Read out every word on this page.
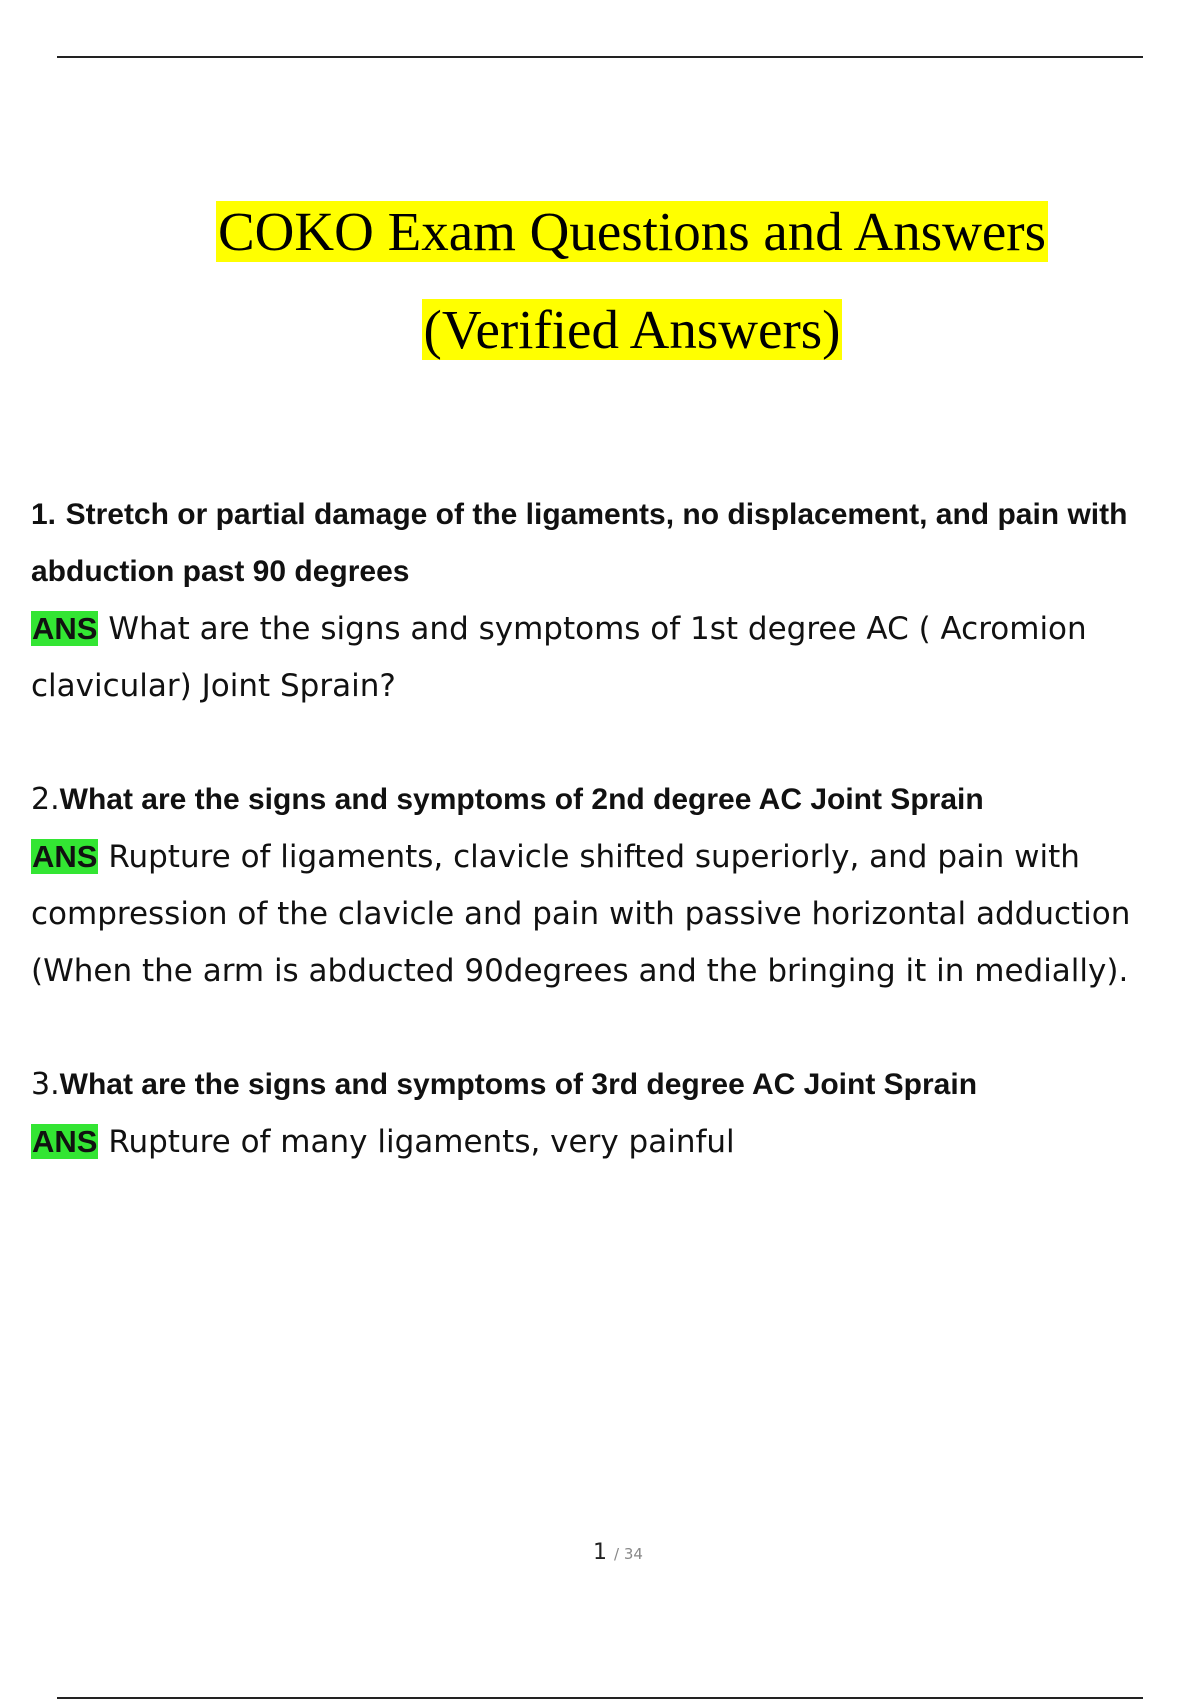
COKO Exam Questions and Answers
(Verified Answers)

1. Stretch or partial damage of the ligaments, no displacement, and pain with
abduction past 90 degrees

ANS What are the signs and symptoms of 1st degree AC ( Acromion clavicular) Joint Sprain?

2.What are the signs and symptoms of 2nd degree AC Joint Sprain

ANS Rupture of ligaments, clavicle shifted superiorly, and pain with compression of the clavicle and pain with passive horizontal adduction (When the arm is abducted 90degrees and the bringing it in medially).

3.What are the signs and symptoms of 3rd degree AC Joint Sprain

ANS Rupture of many ligaments, very painful

1 / 34
